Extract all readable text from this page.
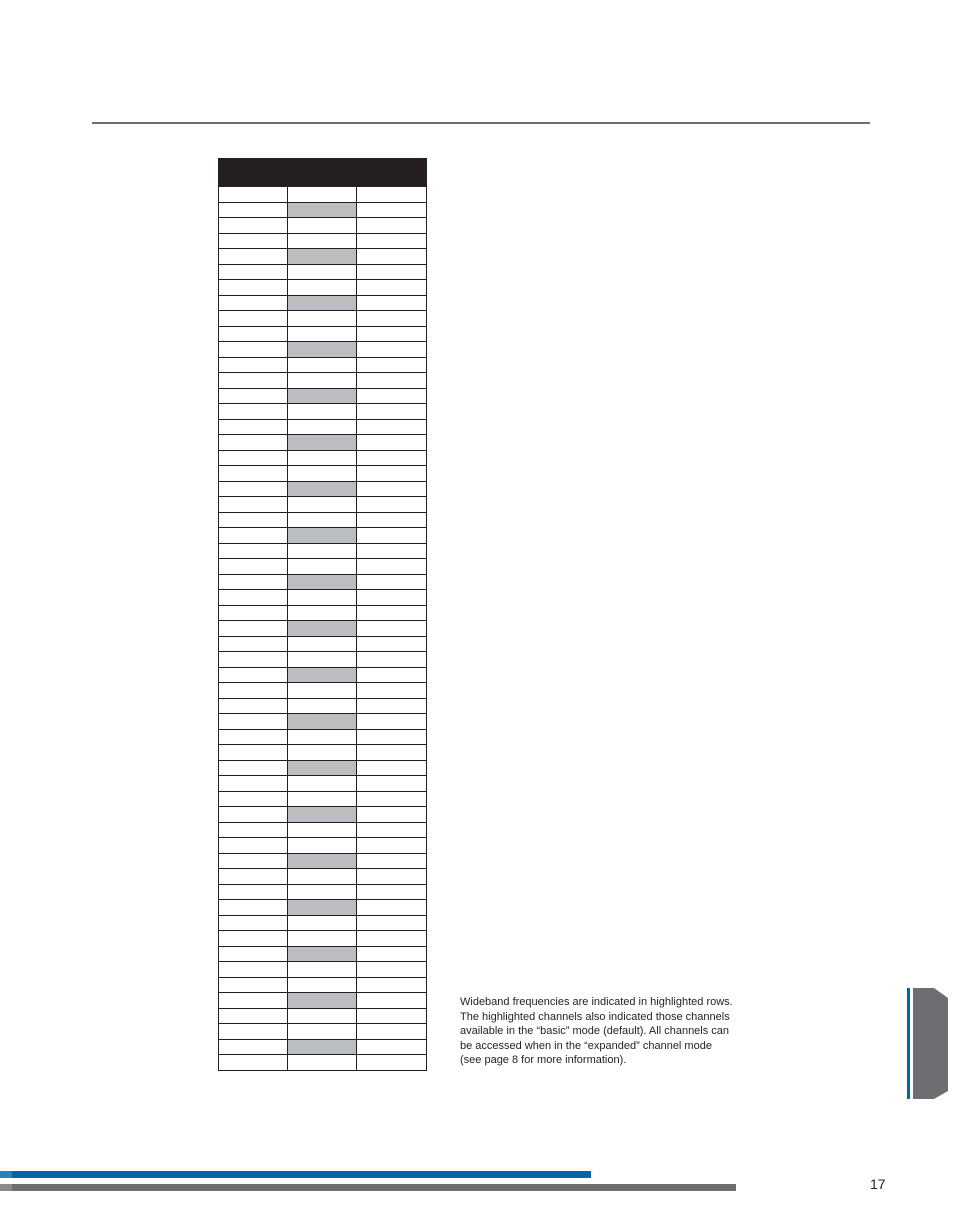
Wideband frequencies are indicated in highlighted rows. The highlighted channels also indicated those channels available in the “basic” mode (default). All channels can be accessed when in the “expanded” channel mode (see page 8 for more information).

17
